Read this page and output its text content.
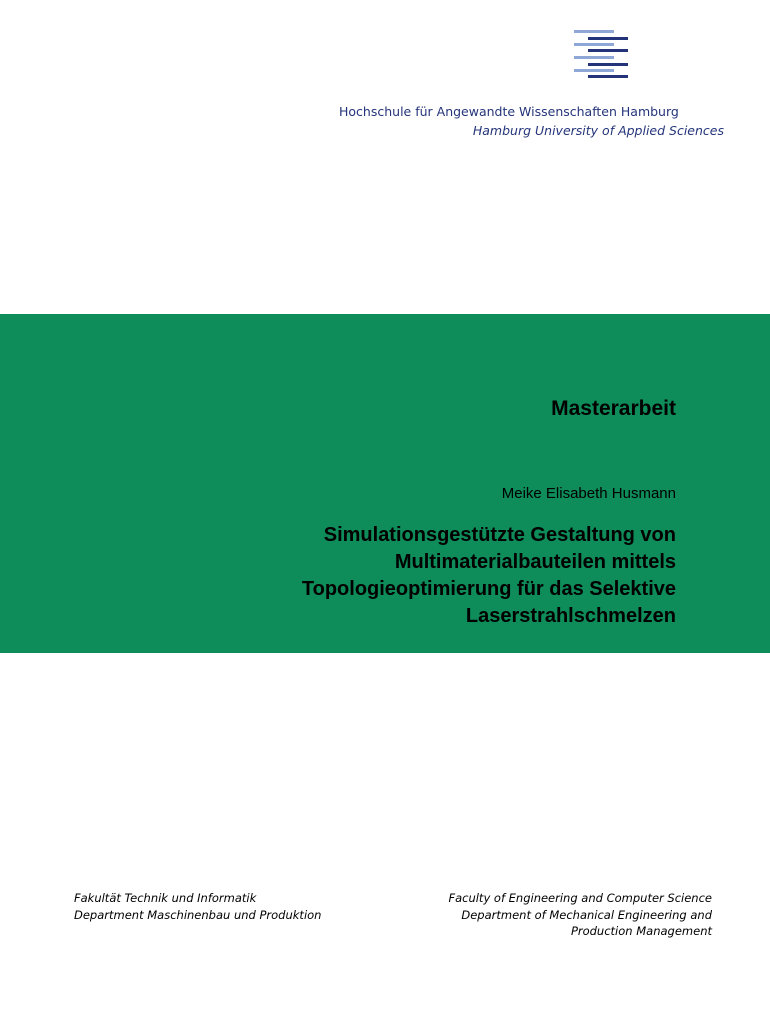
Hochschule für Angewandte Wissenschaften Hamburg
Hamburg University of Applied Sciences
Masterarbeit
Meike Elisabeth Husmann
Simulationsgestützte Gestaltung von
Multimaterialbauteilen mittels
Topologieoptimierung für das Selektive
Laserstrahlschmelzen
Fakultät Technik und Informatik
Department Maschinenbau und Produktion
Faculty of Engineering and Computer Science
Department of Mechanical Engineering and
Production Management
